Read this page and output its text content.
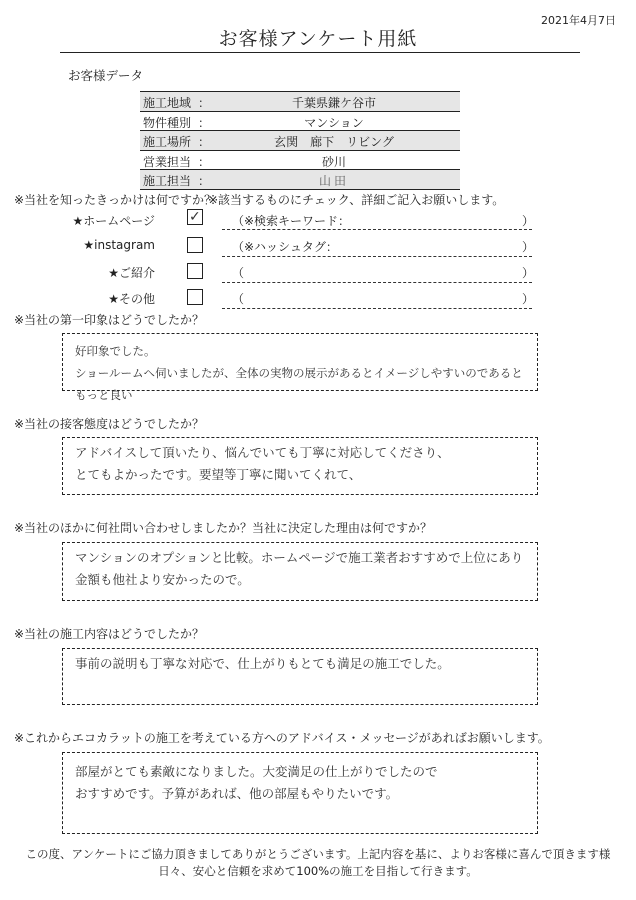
2021年4月7日
お客様アンケート用紙
お客様データ
施工地域 ：	千葉県鎌ケ谷市
物件種別 ：	マンション
施工場所 ：	玄関　廊下　リビング
営業担当 ：	砂川
施工担当 ：	山田
※当社を知ったきっかけは何ですか？
※該当するものにチェック、詳細ご記入お願いします。
★ホームページ ✓	（※検索キーワード：	）
★instagram	（※ハッシュタグ：	）
★ご紹介	（	）
★その他	（	）
※当社の第一印象はどうでしたか？
好印象でした。
ショールームへ伺いましたが、全体の実物の展示があるとイメージしやすいのであるともっと良い
※当社の接客態度はどうでしたか？
アドバイスして頂いたり、悩んでいても丁寧に対応してくださり、
とてもよかったです。要望等丁寧に聞いてくれて、
※当社のほかに何社問い合わせしましたか？当社に決定した理由は何ですか？
マンションのオプションと比較。ホームページで施工業者おすすめで上位にあり
金額も他社より安かったので。
※当社の施工内容はどうでしたか？
事前の説明も丁寧な対応で、仕上がりもとても満足の施工でした。
※これからエコカラットの施工を考えている方へのアドバイス・メッセージがあればお願いします。
部屋がとても素敵になりました。大変満足の仕上がりでしたので
おすすめです。予算があれば、他の部屋もやりたいです。
この度、アンケートにご協力頂きましてありがとうございます。上記内容を基に、よりお客様に喜んで頂きます様
日々、安心と信頼を求めて100%の施工を目指して行きます。
